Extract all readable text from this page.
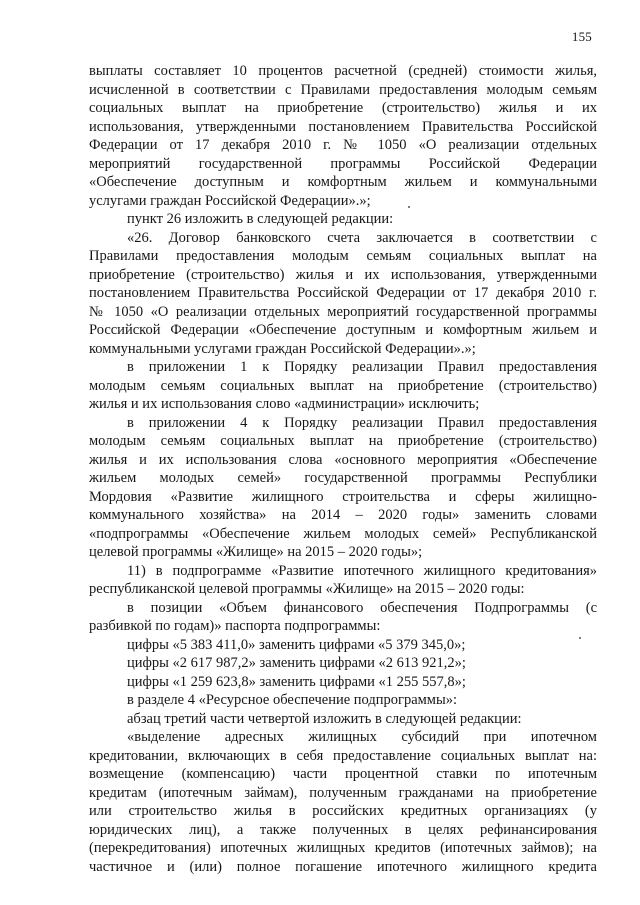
155
выплаты составляет 10 процентов расчетной (средней) стоимости жилья,
исчисленной в соответствии с Правилами предоставления молодым семьям
социальных выплат на приобретение (строительство) жилья и их
использования, утвержденными постановлением Правительства Российской
Федерации от 17 декабря 2010 г. № 1050 «О реализации отдельных
мероприятий государственной программы Российской Федерации
«Обеспечение доступным и комфортным жильем и коммунальными
услугами граждан Российской Федерации».»;
пункт 26 изложить в следующей редакции:
«26. Договор банковского счета заключается в соответствии с
Правилами предоставления молодым семьям социальных выплат на
приобретение (строительство) жилья и их использования, утвержденными
постановлением Правительства Российской Федерации от 17 декабря 2010 г.
№ 1050 «О реализации отдельных мероприятий государственной программы
Российской Федерации «Обеспечение доступным и комфортным жильем и
коммунальными услугами граждан Российской Федерации».»;
в приложении 1 к Порядку реализации Правил предоставления
молодым семьям социальных выплат на приобретение (строительство)
жилья и их использования слово «администрации» исключить;
в приложении 4 к Порядку реализации Правил предоставления
молодым семьям социальных выплат на приобретение (строительство)
жилья и их использования слова «основного мероприятия «Обеспечение
жильем молодых семей» государственной программы Республики
Мордовия «Развитие жилищного строительства и сферы жилищно-
коммунального хозяйства» на 2014 – 2020 годы» заменить словами
«подпрограммы «Обеспечение жильем молодых семей» Республиканской
целевой программы «Жилище» на 2015 – 2020 годы»;
11) в подпрограмме «Развитие ипотечного жилищного кредитования»
республиканской целевой программы «Жилище» на 2015 – 2020 годы:
в позиции «Объем финансового обеспечения Подпрограммы (с
разбивкой по годам)» паспорта подпрограммы:
цифры «5 383 411,0» заменить цифрами «5 379 345,0»;
цифры «2 617 987,2» заменить цифрами «2 613 921,2»;
цифры «1 259 623,8» заменить цифрами «1 255 557,8»;
в разделе 4 «Ресурсное обеспечение подпрограммы»:
абзац третий части четвертой изложить в следующей редакции:
«выделение адресных жилищных субсидий при ипотечном
кредитовании, включающих в себя предоставление социальных выплат на:
возмещение (компенсацию) части процентной ставки по ипотечным
кредитам (ипотечным займам), полученным гражданами на приобретение
или строительство жилья в российских кредитных организациях (у
юридических лиц), а также полученных в целях рефинансирования
(перекредитования) ипотечных жилищных кредитов (ипотечных займов); на
частичное и (или) полное погашение ипотечного жилищного кредита
